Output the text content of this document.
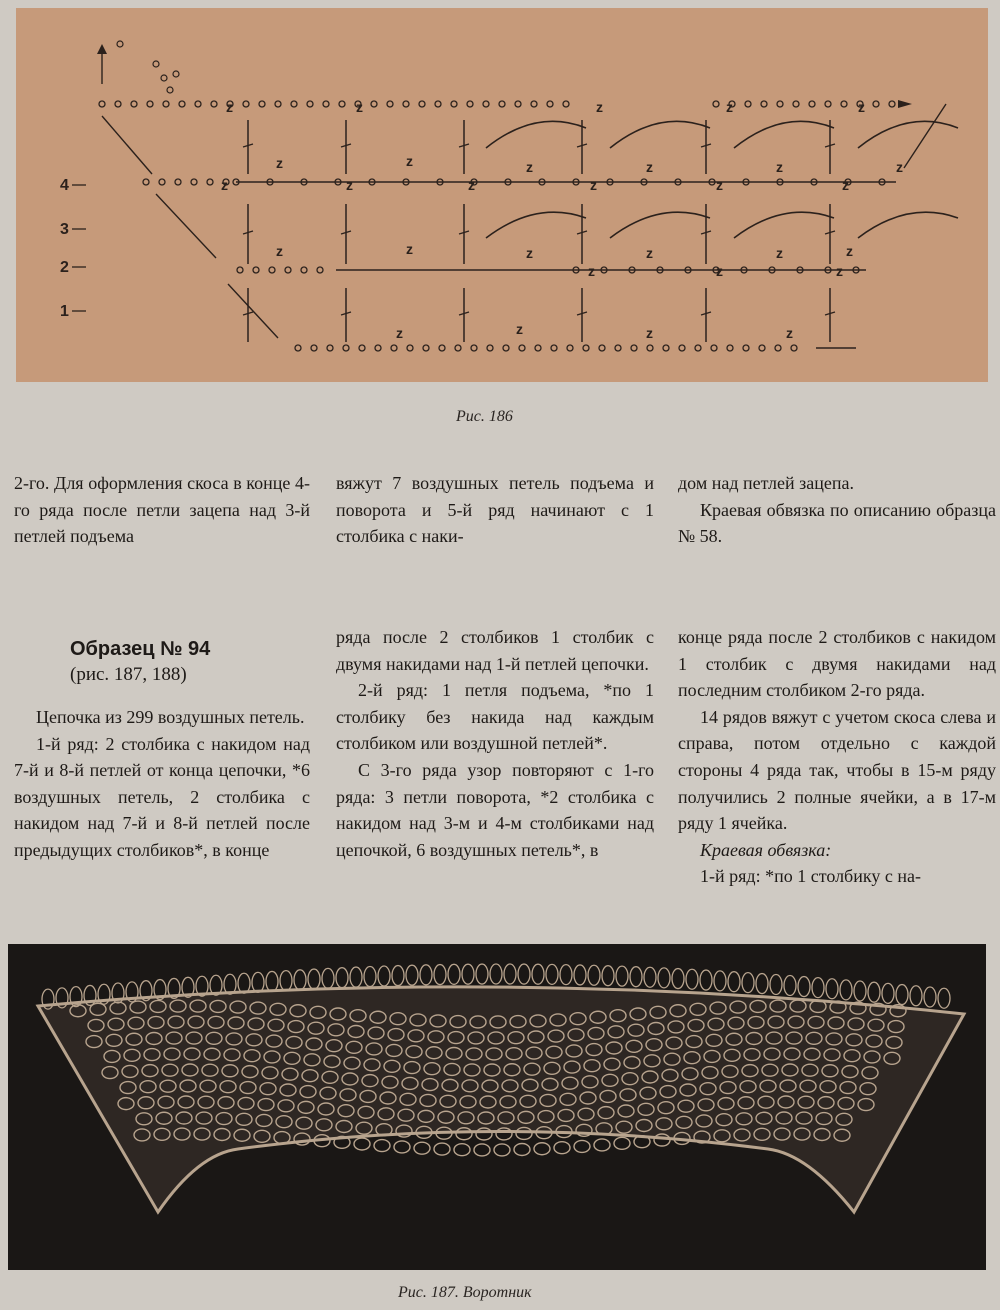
z	z	z	z	z	z
z	z	z	z	z	z
z	z	z	z
z	z	z	z	z
z	z	z	z	z	z
z	z	z
4
3
2
1
Рис. 186

2-го. Для оформления скоса в конце 4-го ряда после петли зацепа над 3-й петлей подъема

Образец № 94
(рис. 187, 188)

Цепочка из 299 воздушных петель.

1-й ряд: 2 столбика с накидом над 7-й и 8-й петлей от конца цепочки, *6 воздушных петель, 2 столбика с накидом над 7-й и 8-й петлей после предыдущих столбиков*, в конце

вяжут 7 воздушных петель подъема и поворота и 5-й ряд начинают с 1 столбика с наки-

ряда после 2 столбиков 1 столбик с двумя накидами над 1-й петлей цепочки.

2-й ряд: 1 петля подъема, *по 1 столбику без накида над каждым столбиком или воздушной петлей*.

С 3-го ряда узор повторяют с 1-го ряда: 3 петли поворота, *2 столбика с накидом над 3-м и 4-м столбиками над цепочкой, 6 воздушных петель*, в

дом над петлей зацепа.

Краевая обвязка по описанию образца № 58.

конце ряда после 2 столбиков с накидом 1 столбик с двумя накидами над последним столбиком 2-го ряда.

14 рядов вяжут с учетом скоса слева и справа, потом отдельно с каждой стороны 4 ряда так, чтобы в 15-м ряду получились 2 полные ячейки, а в 17-м ряду 1 ячейка.

Краевая обвязка:

1-й ряд: *по 1 столбику с на-

Рис. 187. Воротник
